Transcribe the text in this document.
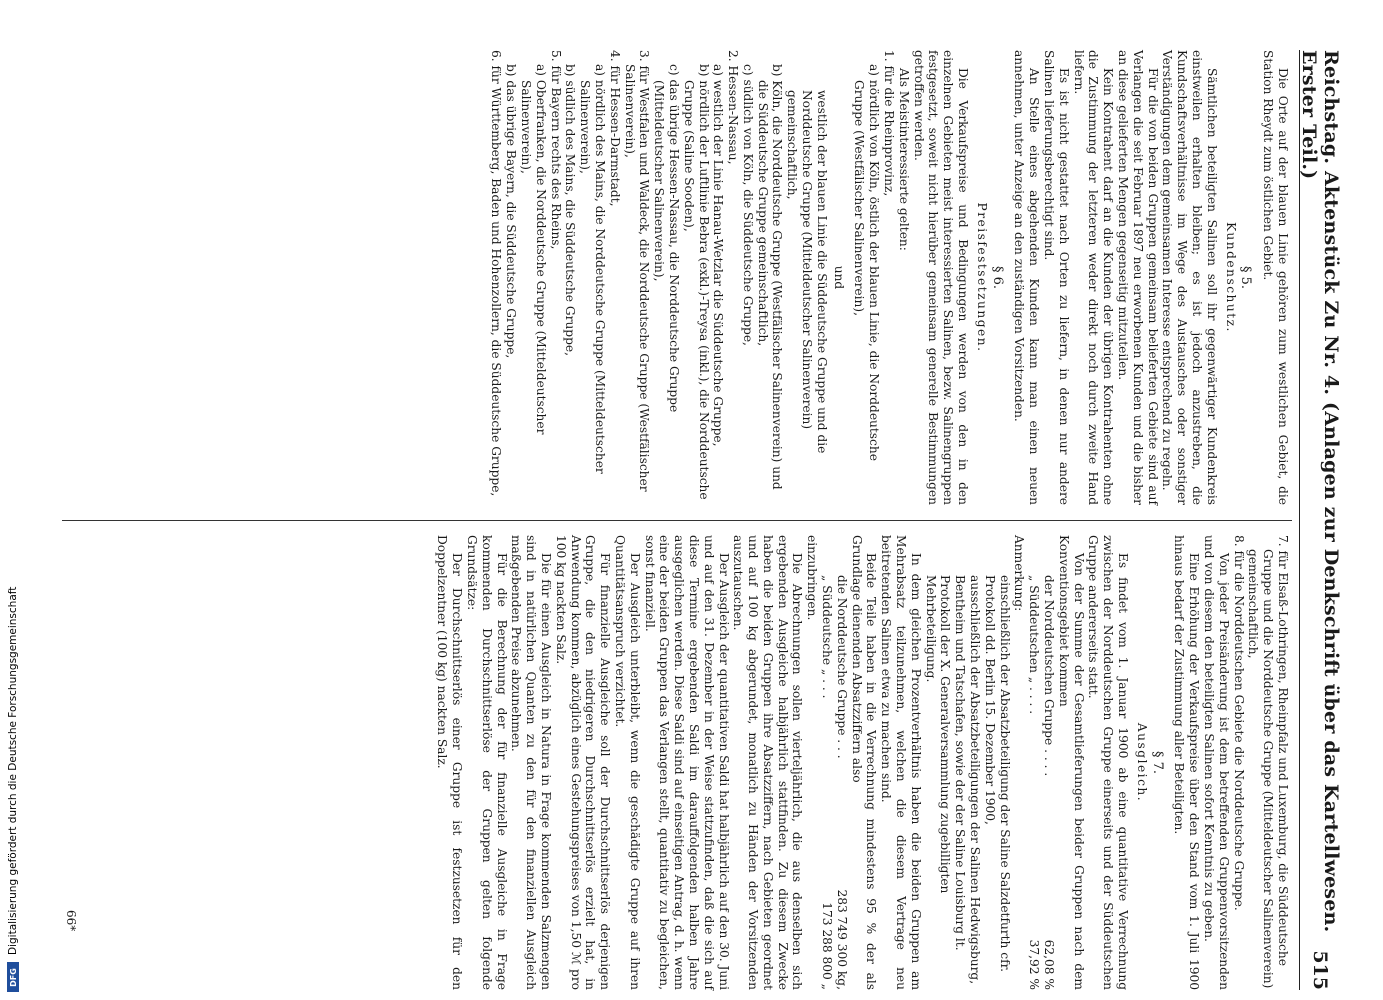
Reichstag. Aktenstück Zu Nr. 4. (Anlagen zur Denkschrift über das Kartellwesen. Erster Teil.)
515

Die Orte auf der blauen Linie gehören zum westlichen Gebiet, die Station Rheydt zum östlichen Gebiet.

§ 5.

Kundenschutz.

Sämtlichen beteiligten Salinen soll ihr gegenwärtiger Kundenkreis einstweilen erhalten bleiben; es ist jedoch anzustreben, die Kundschaftsverhältnisse im Wege des Austausches oder sonstiger Verständigungen dem gemeinsamen Interesse entsprechend zu regeln.

Für die von beiden Gruppen gemeinsam belieferten Gebiete sind auf Verlangen die seit Februar 1897 neu erworbenen Kunden und die bisher an diese gelieferten Mengen gegenseitig mitzuteilen.

Kein Kontrahent darf an die Kunden der übrigen Kontrahenten ohne die Zustimmung der letzteren weder direkt noch durch zweite Hand liefern.

Es ist nicht gestattet nach Orten zu liefern, in denen nur andere Salinen lieferungsberechtigt sind.

An Stelle eines abgehenden Kunden kann man einen neuen annehmen, unter Anzeige an den zuständigen Vorsitzenden.

§ 6.

Preisfestsetzungen.

Die Verkaufspreise und Bedingungen werden von den in den einzelnen Gebieten meist interessierten Salinen, bezw. Salinengruppen festgesetzt, soweit nicht hierüber gemeinsam generelle Bestimmungen getroffen werden.

Als Meistinteressierte gelten:

1. für die Rheinprovinz,

a) nördlich von Köln, östlich der blauen Linie, die Norddeutsche Gruppe (Westfälischer Salinenverein),

und

westlich der blauen Linie die Süddeutsche Gruppe und die Norddeutsche Gruppe (Mitteldeutscher Salinenverein) gemeinschaftlich,

b) Köln, die Norddeutsche Gruppe (Westfälischer Salinenverein) und die Süddeutsche Gruppe gemeinschaftlich,

c) südlich von Köln, die Süddeutsche Gruppe,

2. Hessen-Nassau,

a) westlich der Linie Hanau-Wetzlar die Süddeutsche Gruppe,

b) nördlich der Luftlinie Bebra (exkl.)-Treysa (inkl.), die Norddeutsche Gruppe (Saline Sooden),

c) das übrige Hessen-Nassau, die Norddeutsche Gruppe (Mitteldeutscher Salinenverein),

3. für Westfalen und Waldeck, die Norddeutsche Gruppe (Westfälischer Salinenverein),

4. für Hessen-Darmstadt,

a) nördlich des Mains, die Norddeutsche Gruppe (Mitteldeutscher Salinenverein),

b) südlich des Mains, die Süddeutsche Gruppe,

5. für Bayern rechts des Rheins,

a) Oberfranken, die Norddeutsche Gruppe (Mitteldeutscher Salinenverein),

b) das übrige Bayern, die Süddeutsche Gruppe,

6. für Württemberg, Baden und Hohenzollern, die Süddeutsche Gruppe,

7. für Elsaß-Lothringen, Rheinpfalz und Luxemburg, die Süddeutsche Gruppe und die Norddeutsche Gruppe (Mitteldeutscher Salinenverein) gemeinschaftlich,

8. für die Norddeutschen Gebiete die Norddeutsche Gruppe.

Von jeder Preisänderung ist dem betreffenden Gruppenvorsitzenden und von diesem den beteiligten Salinen sofort Kenntnis zu geben.

Eine Erhöhung der Verkaufspreise über den Stand vom 1. Juli 1900 hinaus bedarf der Zustimmung aller Beteiligten.

§ 7.

Ausgleich.

Es findet vom 1. Januar 1900 ab eine quantitative Verrechnung zwischen der Norddeutschen Gruppe einerseits und der Süddeutschen Gruppe andererseits statt.

Von der Summe der Gesamtlieferungen beider Gruppen nach dem Konventionsgebiet kommen

der Norddeutschen Gruppe . . . .
62,08 %
„ Süddeutschen „ . . . .
37,92 %

Anmerkung:

einschließlich der Absatzbeteiligung der Saline Salzdetfurth cfr. Protokoll dd. Berlin 15. Dezember 1900,

ausschließlich der Absatzbeteiligungen der Salinen Hedwigsburg, Bentheim und Tatschafen, sowie der der Saline Louisburg lt. Protokoll der X. Generalversammlung zugebilligten Mehrbeteiligung.

In dem gleichen Prozentverhältnis haben die beiden Gruppen am Mehrabsatz teilzunehmen, welchen die diesem Vertrage neu beitretenden Salinen etwa zu machen sind.

Beide Teile haben in die Verrechnung mindestens 95 % der als Grundlage dienenden Absatzziffern also

die Norddeutsche Gruppe . . .
283 749 300 kg,
„ Süddeutsche „ . . .
173 288 800 „

einzubringen.

Die Abrechnungen sollen vierteljährlich, die aus denselben sich ergebenden Ausgleiche halbjährlich stattfinden. Zu diesem Zwecke haben die beiden Gruppen ihre Absatzziffern, nach Gebieten geordnet und auf 100 kg abgerundet, monatlich zu Händen der Vorsitzenden auszutauschen.

Der Ausgleich der quantitativen Saldi hat halbjährlich auf den 30. Juni und auf den 31. Dezember in der Weise stattzufinden, daß die sich auf diese Termine ergebenden Saldi im darauffolgenden halben Jahre ausgeglichen werden. Diese Saldi sind auf einseitigen Antrag, d. h. wenn eine der beiden Gruppen das Verlangen stellt, quantitativ zu begleichen, sonst finanziell.

Der Ausgleich unterbleibt, wenn die geschädigte Gruppe auf ihren Quantitätsanspruch verzichtet.

Für finanzielle Ausgleiche soll der Durchschnittserlös derjenigen Gruppe, die den niedrigeren Durchschnittserlös erzielt hat, in Anwendung kommen, abzüglich eines Gestehungspreises von 1,50 ℳ pro 100 kg nackten Salz.

Die für einen Ausgleich in Natura in Frage kommenden Salzmengen sind in natürlichen Quanten zu den für den finanziellen Ausgleich maßgebenden Preise abzunehmen.

Für die Berechnung der für finanzielle Ausgleiche in Frage kommenden Durchschnittserlöse der Gruppen gelten folgende Grundsätze:

Der Durchschnittserlös einer Gruppe ist festzusetzen für den Doppelzentner (100 kg) nackten Salz.

66*
Digitalisierung gefördert durch die Deutsche Forschungsgemeinschaft
DFG
